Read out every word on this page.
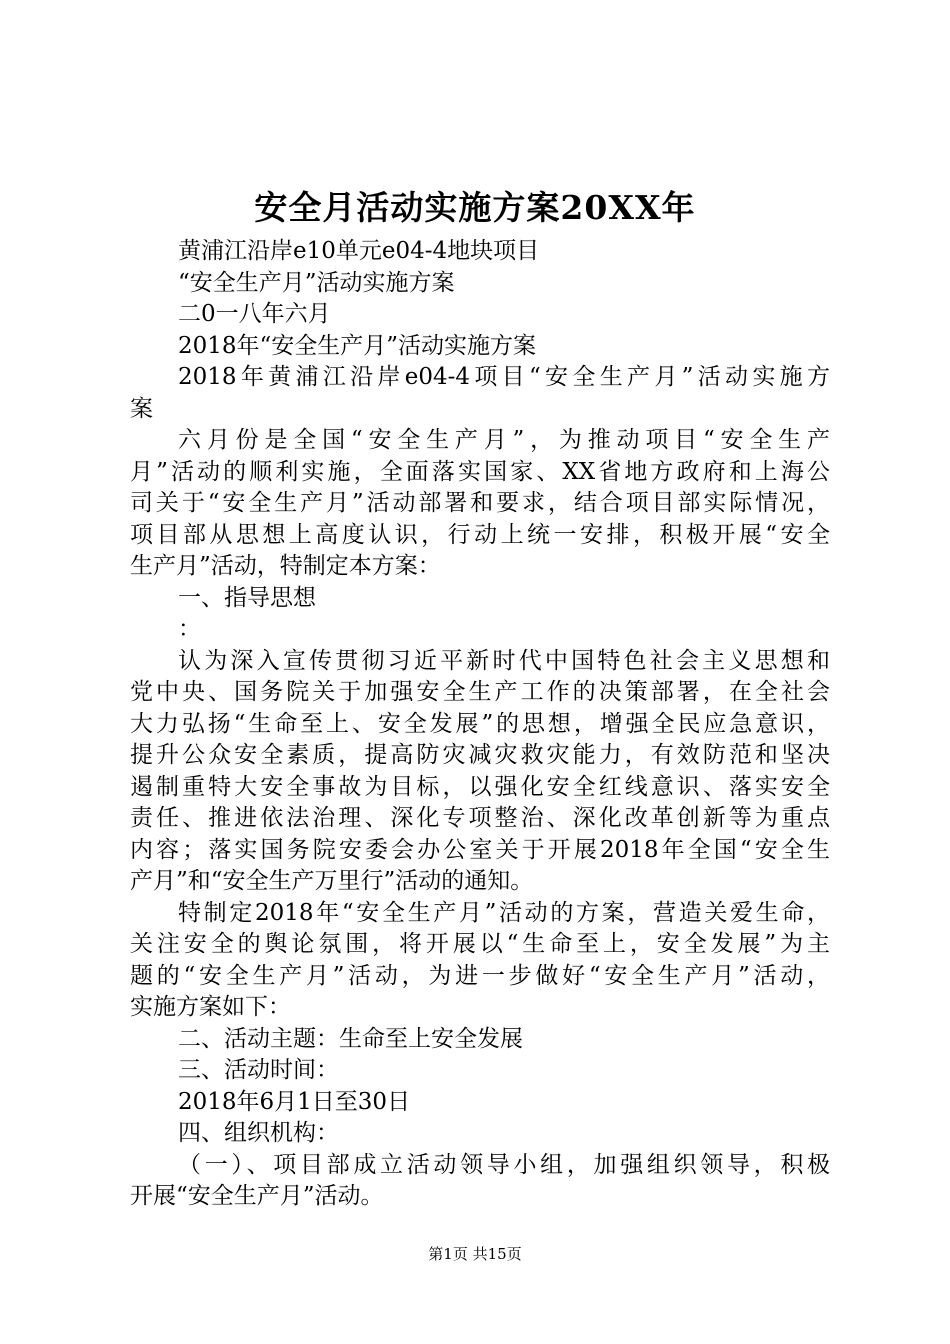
安全月活动实施方案20XX年
黄浦江沿岸e10单元e04-4地块项目
“安全生产月”活动实施方案
二0一八年六月
2018年“安全生产月”活动实施方案
2018年黄浦江沿岸e04-4项目“安全生产月”活动实施方
案
六月份是全国“安全生产月”，为推动项目“安全生产
月”活动的顺利实施，全面落实国家、XX省地方政府和上海公
司关于“安全生产月”活动部署和要求，结合项目部实际情况，
项目部从思想上高度认识，行动上统一安排，积极开展“安全
生产月”活动，特制定本方案：
一、指导思想
：
认为深入宣传贯彻习近平新时代中国特色社会主义思想和
党中央、国务院关于加强安全生产工作的决策部署，在全社会
大力弘扬“生命至上、安全发展”的思想，增强全民应急意识，
提升公众安全素质，提高防灾减灾救灾能力，有效防范和坚决
遏制重特大安全事故为目标，以强化安全红线意识、落实安全
责任、推进依法治理、深化专项整治、深化改革创新等为重点
内容；落实国务院安委会办公室关于开展2018年全国“安全生
产月”和“安全生产万里行”活动的通知。
特制定2018年“安全生产月”活动的方案，营造关爱生命，
关注安全的舆论氛围，将开展以“生命至上，安全发展”为主
题的“安全生产月”活动，为进一步做好“安全生产月”活动，
实施方案如下：
二、活动主题：生命至上安全发展
三、活动时间：
2018年6月1日至30日
四、组织机构：
（一）、项目部成立活动领导小组，加强组织领导，积极
开展“安全生产月”活动。
第1页 共15页
